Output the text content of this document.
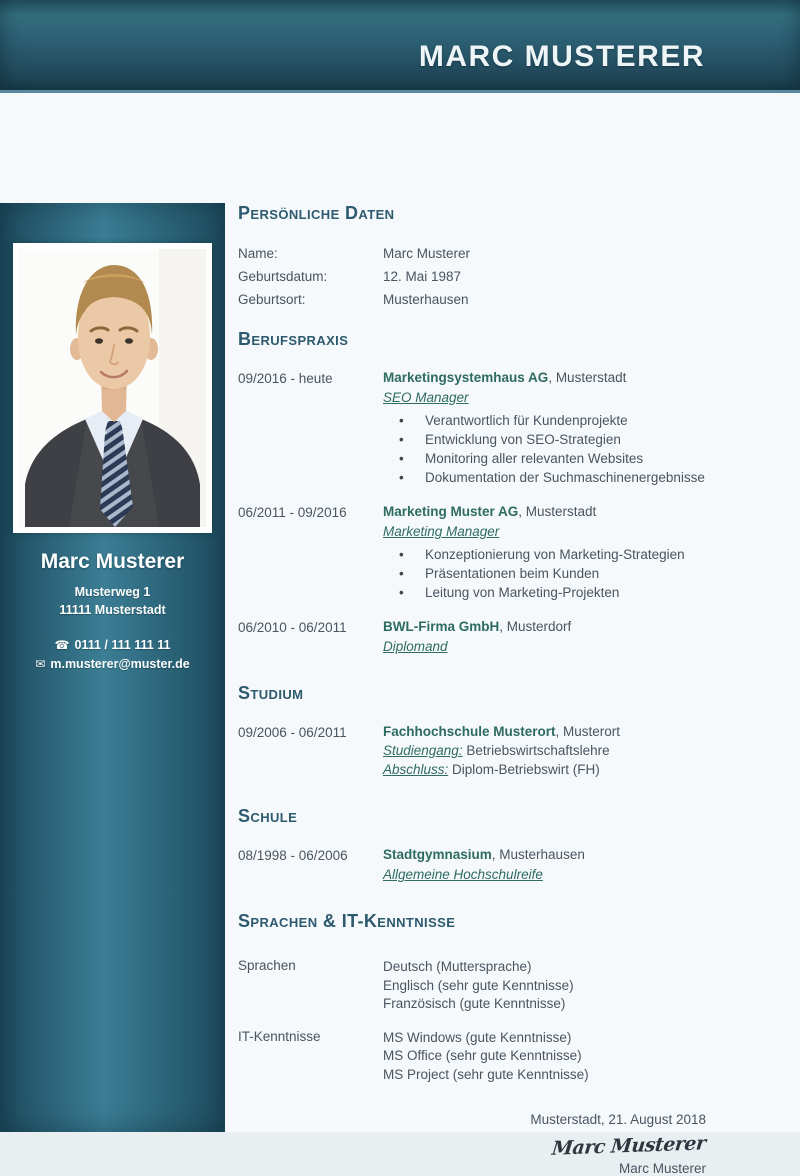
MARC MUSTERER
Marc Musterer
Musterweg 1
11111 Musterstadt
☎ 0111 / 111 111 11
✉ m.musterer@muster.de
Persönliche Daten
Name:	Marc Musterer
Geburtsdatum:	12. Mai 1987
Geburtsort:	Musterhausen
Berufspraxis
09/2016 - heute	Marketingsystemhaus AG, Musterstadt
SEO Manager
• Verantwortlich für Kundenprojekte
• Entwicklung von SEO-Strategien
• Monitoring aller relevanten Websites
• Dokumentation der Suchmaschinenergebnisse
06/2011 - 09/2016	Marketing Muster AG, Musterstadt
Marketing Manager
• Konzeptionierung von Marketing-Strategien
• Präsentationen beim Kunden
• Leitung von Marketing-Projekten
06/2010 - 06/2011	BWL-Firma GmbH, Musterdorf
Diplomand
Studium
09/2006 - 06/2011	Fachhochschule Musterort, Musterort
Studiengang: Betriebswirtschaftslehre
Abschluss: Diplom-Betriebswirt (FH)
Schule
08/1998 - 06/2006	Stadtgymnasium, Musterhausen
Allgemeine Hochschulreife
Sprachen & IT-Kenntnisse
Sprachen	Deutsch (Muttersprache)
Englisch (sehr gute Kenntnisse)
Französisch (gute Kenntnisse)
IT-Kenntnisse	MS Windows (gute Kenntnisse)
MS Office (sehr gute Kenntnisse)
MS Project (sehr gute Kenntnisse)
Musterstadt, 21. August 2018
Marc Musterer
Marc Musterer
